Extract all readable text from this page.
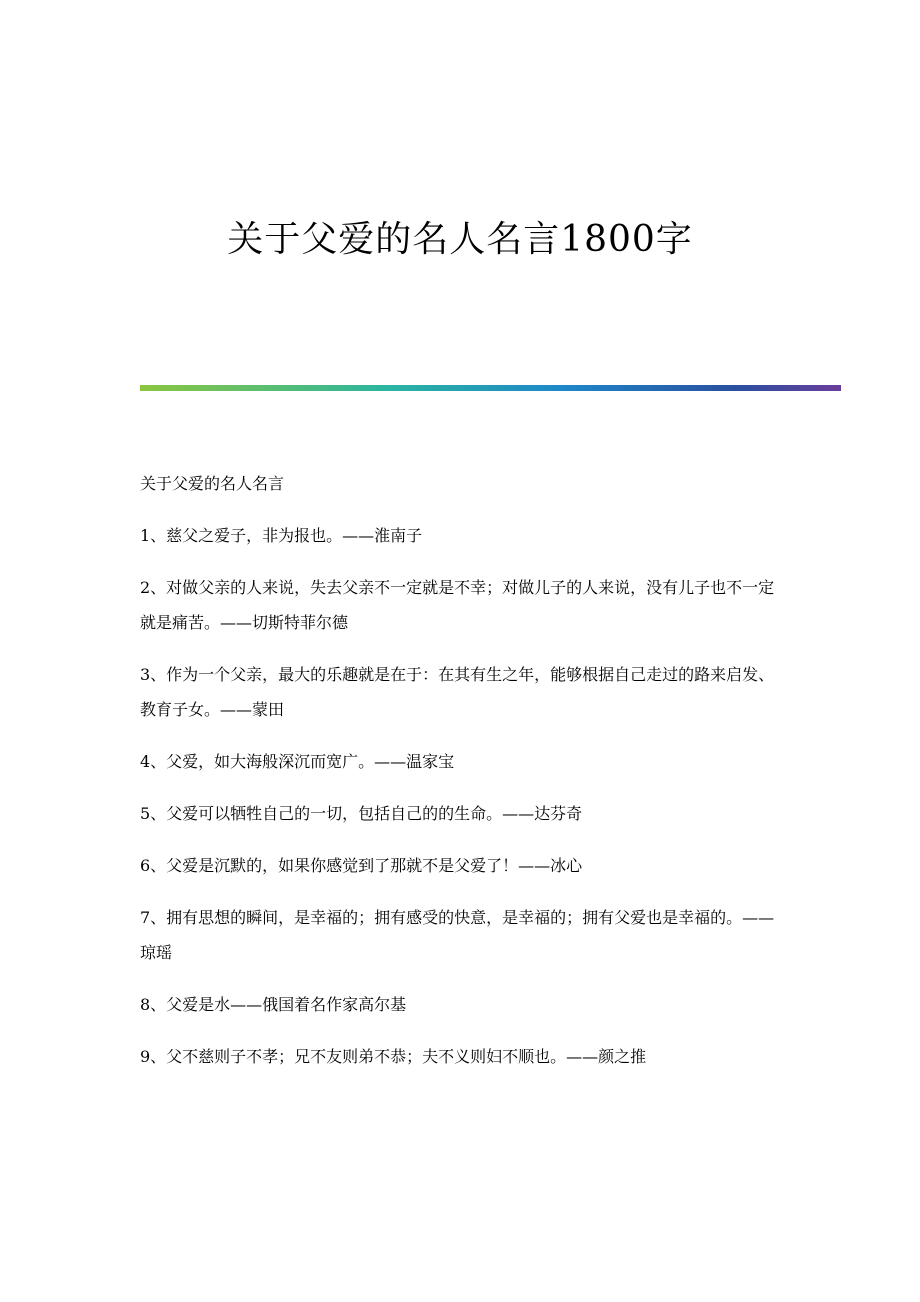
关于父爱的名人名言1800字

关于父爱的名人名言

1、慈父之爱子，非为报也。——淮南子

2、对做父亲的人来说，失去父亲不一定就是不幸；对做儿子的人来说，没有儿子也不一定就是痛苦。——切斯特菲尔德

3、作为一个父亲，最大的乐趣就是在于：在其有生之年，能够根据自己走过的路来启发、教育子女。——蒙田

4、父爱，如大海般深沉而宽广。——温家宝

5、父爱可以牺牲自己的一切，包括自己的的生命。——达芬奇

6、父爱是沉默的，如果你感觉到了那就不是父爱了！——冰心

7、拥有思想的瞬间，是幸福的；拥有感受的快意，是幸福的；拥有父爱也是幸福的。——琼瑶

8、父爱是水——俄国着名作家高尔基

9、父不慈则子不孝；兄不友则弟不恭；夫不义则妇不顺也。——颜之推
